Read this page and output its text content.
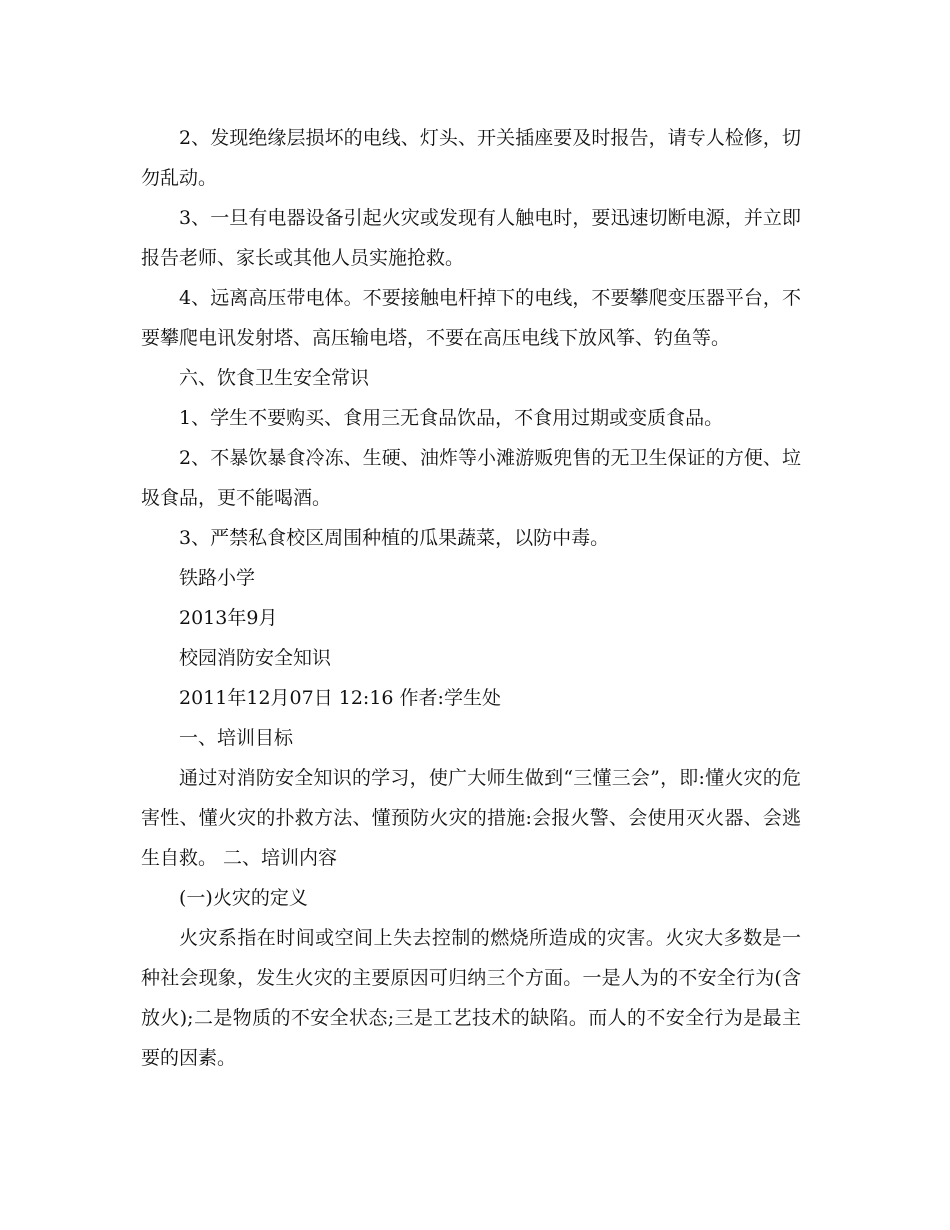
2、发现绝缘层损坏的电线、灯头、开关插座要及时报告，请专人检修，切勿乱动。

3、一旦有电器设备引起火灾或发现有人触电时，要迅速切断电源，并立即报告老师、家长或其他人员实施抢救。

4、远离高压带电体。不要接触电杆掉下的电线，不要攀爬变压器平台，不要攀爬电讯发射塔、高压输电塔，不要在高压电线下放风筝、钓鱼等。

六、饮食卫生安全常识

1、学生不要购买、食用三无食品饮品，不食用过期或变质食品。

2、不暴饮暴食冷冻、生硬、油炸等小滩游贩兜售的无卫生保证的方便、垃圾食品，更不能喝酒。

3、严禁私食校区周围种植的瓜果蔬菜，以防中毒。

铁路小学

2013年9月

校园消防安全知识

2011年12月07日 12:16 作者:学生处

一、培训目标

通过对消防安全知识的学习，使广大师生做到“三懂三会”，即:懂火灾的危害性、懂火灾的扑救方法、懂预防火灾的措施:会报火警、会使用灭火器、会逃生自救。 二、培训内容

(一)火灾的定义

火灾系指在时间或空间上失去控制的燃烧所造成的灾害。火灾大多数是一种社会现象，发生火灾的主要原因可归纳三个方面。一是人为的不安全行为(含放火);二是物质的不安全状态;三是工艺技术的缺陷。而人的不安全行为是最主要的因素。
